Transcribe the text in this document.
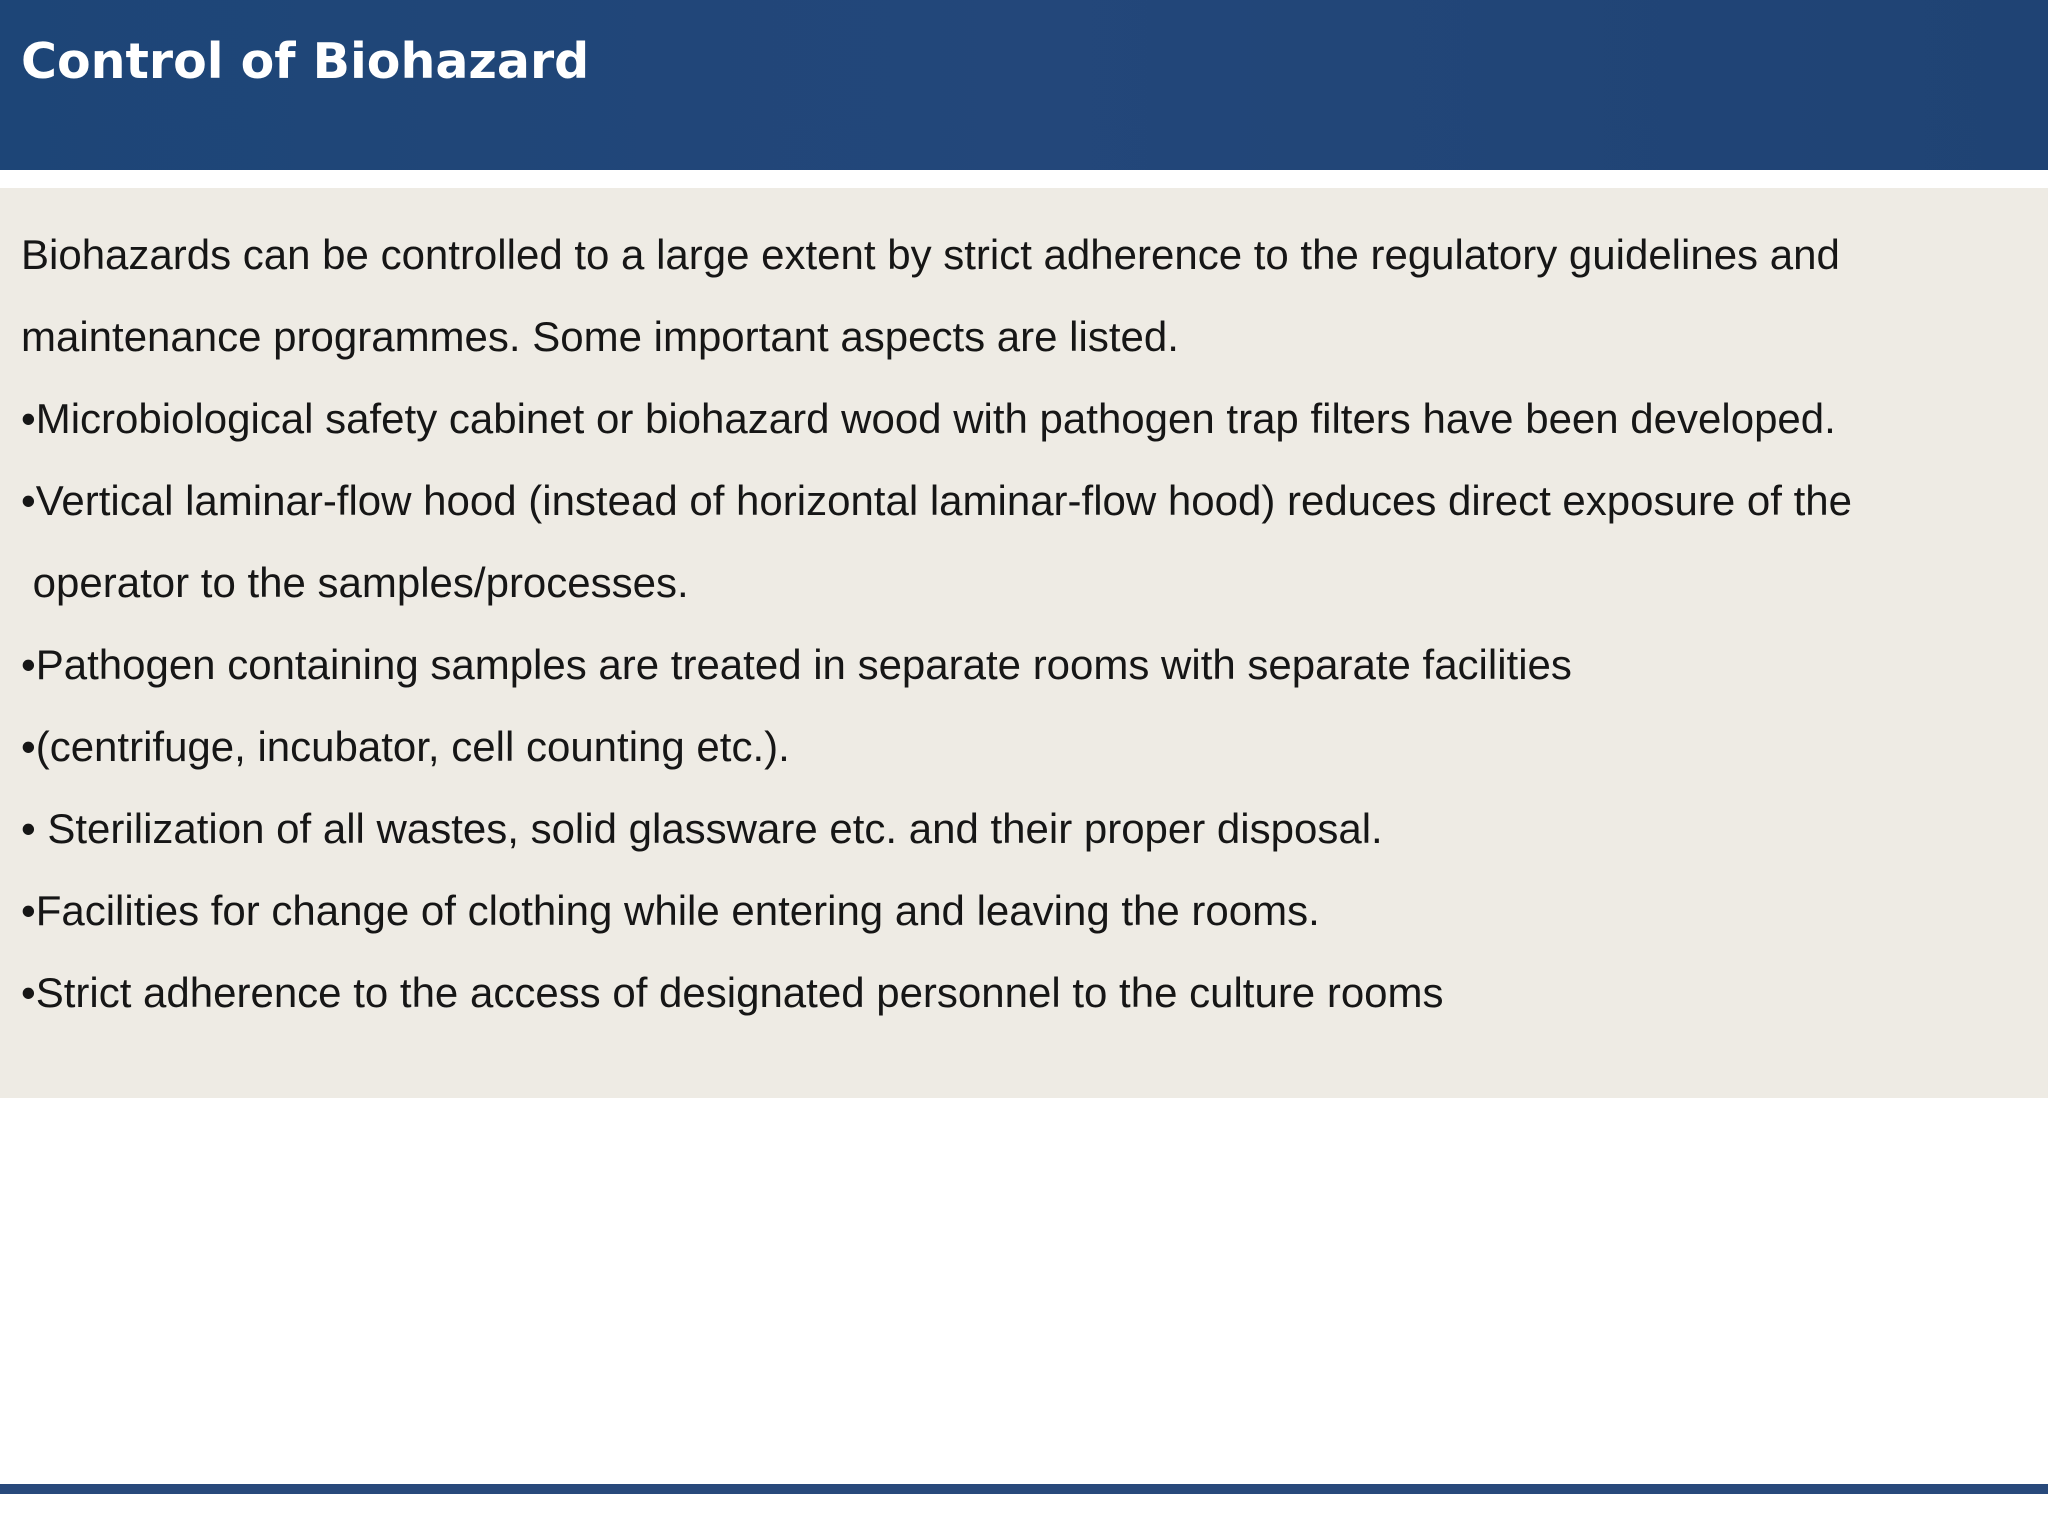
Control of Biohazard
Biohazards can be controlled to a large extent by strict adherence to the regulatory guidelines and
maintenance programmes. Some important aspects are listed.
•Microbiological safety cabinet or biohazard wood with pathogen trap filters have been developed.
•Vertical laminar-flow hood (instead of horizontal laminar-flow hood) reduces direct exposure of the
operator to the samples/processes.
•Pathogen containing samples are treated in separate rooms with separate facilities
•(centrifuge, incubator, cell counting etc.).
• Sterilization of all wastes, solid glassware etc. and their proper disposal.
•Facilities for change of clothing while entering and leaving the rooms.
•Strict adherence to the access of designated personnel to the culture rooms
